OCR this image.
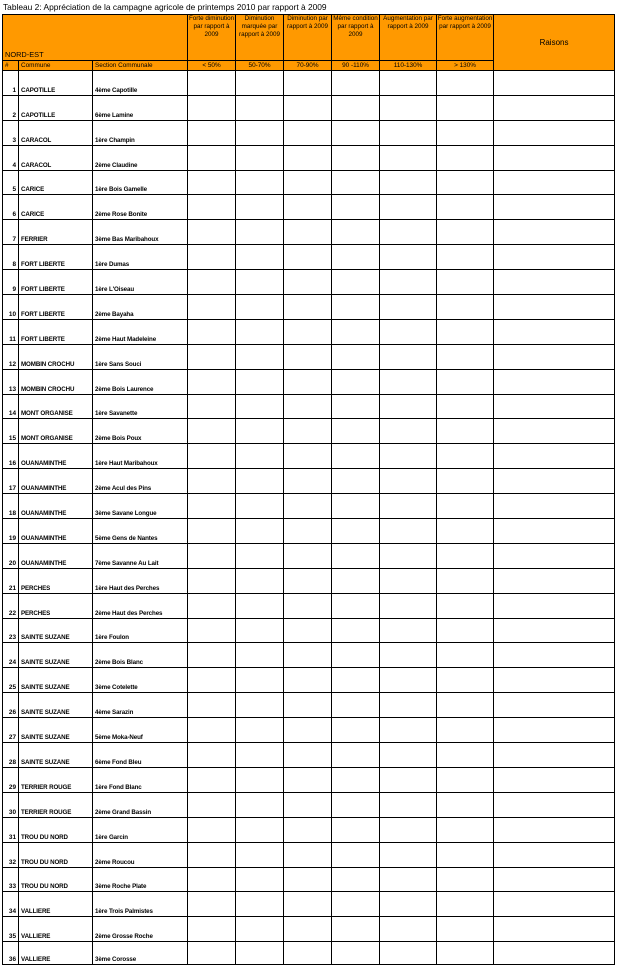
Tableau 2: Appréciation de la campagne agricole de printemps 2010 par rapport à 2009
NORD-EST			Forte diminution par rapport à 2009	Diminution marquée par rapport à 2009	Diminution par rapport à 2009	Même condition par rapport à 2009	Augmentation par rapport à 2009	Forte augmentation par rapport à 2009	Raisons
#	Commune	Section Communale	< 50%	50-70%	70-90%	90 -110%	110-130%	> 130%	
1	CAPOTILLE	4ème Capotille							
2	CAPOTILLE	6ème Lamine							
3	CARACOL	1ère Champin							
4	CARACOL	2ème Claudine							
5	CARICE	1ère Bois Gamelle							
6	CARICE	2ème Rose Bonite							
7	FERRIER	3ème Bas Maribahoux							
8	FORT LIBERTE	1ère Dumas							
9	FORT LIBERTE	1ère L'Oiseau							
10	FORT LIBERTE	2ème Bayaha							
11	FORT LIBERTE	2ème Haut Madeleine							
12	MOMBIN CROCHU	1ère Sans Souci							
13	MOMBIN CROCHU	2ème Bois Laurence							
14	MONT ORGANISE	1ère Savanette							
15	MONT ORGANISE	2ème Bois Poux							
16	OUANAMINTHE	1ère Haut Maribahoux							
17	OUANAMINTHE	2ème Acul des Pins							
18	OUANAMINTHE	3ème Savane Longue							
19	OUANAMINTHE	5ème Gens de Nantes							
20	OUANAMINTHE	7ème Savanne Au Lait							
21	PERCHES	1ère Haut des Perches							
22	PERCHES	2ème Haut des Perches							
23	SAINTE SUZANE	1ère Foulon							
24	SAINTE SUZANE	2ème Bois Blanc							
25	SAINTE SUZANE	3ème Cotelette							
26	SAINTE SUZANE	4ème Sarazin							
27	SAINTE SUZANE	5ème Moka-Neuf							
28	SAINTE SUZANE	6ème Fond Bleu							
29	TERRIER ROUGE	1ère Fond Blanc							
30	TERRIER ROUGE	2ème Grand Bassin							
31	TROU DU NORD	1ère Garcin							
32	TROU DU NORD	2ème Roucou							
33	TROU DU NORD	3ème Roche Plate							
34	VALLIERE	1ère Trois Palmistes							
35	VALLIERE	2ème Grosse Roche							
36	VALLIERE	3ème Corosse							
